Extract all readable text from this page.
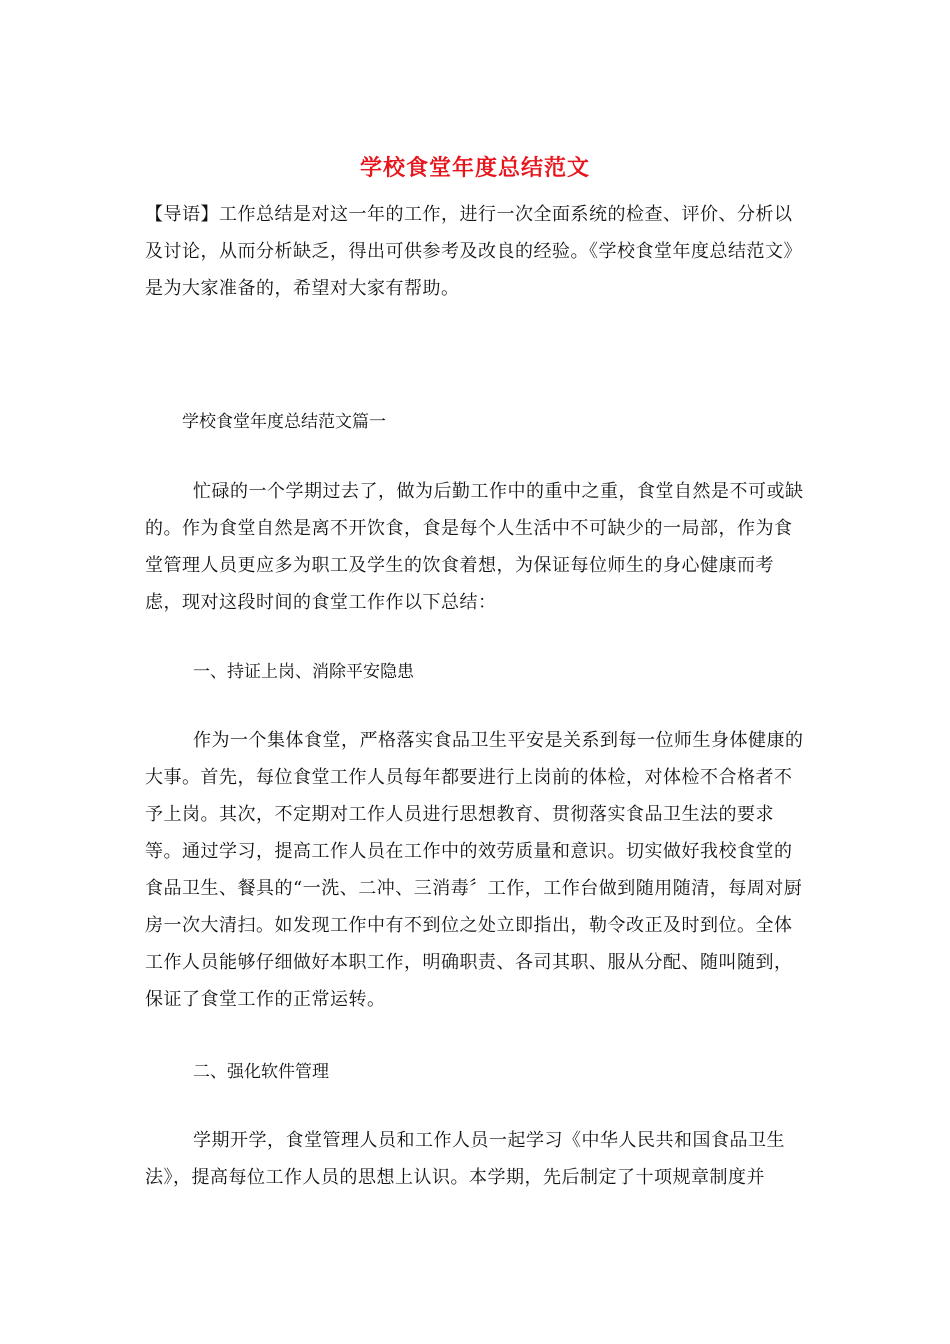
学校食堂年度总结范文
【导语】工作总结是对这一年的工作，进行一次全面系统的检查、评价、分析以及讨论，从而分析缺乏，得出可供参考及改良的经验。《学校食堂年度总结范文》是为大家准备的，希望对大家有帮助。
学校食堂年度总结范文篇一
忙碌的一个学期过去了，做为后勤工作中的重中之重，食堂自然是不可或缺的。作为食堂自然是离不开饮食，食是每个人生活中不可缺少的一局部，作为食堂管理人员更应多为职工及学生的饮食着想，为保证每位师生的身心健康而考虑，现对这段时间的食堂工作作以下总结：
一、持证上岗、消除平安隐患
作为一个集体食堂，严格落实食品卫生平安是关系到每一位师生身体健康的大事。首先，每位食堂工作人员每年都要进行上岗前的体检，对体检不合格者不予上岗。其次，不定期对工作人员进行思想教育、贯彻落实食品卫生法的要求等。通过学习，提高工作人员在工作中的效劳质量和意识。切实做好我校食堂的食品卫生、餐具的“一洗、二冲、三消毒〞工作，工作台做到随用随清，每周对厨房一次大清扫。如发现工作中有不到位之处立即指出，勒令改正及时到位。全体工作人员能够仔细做好本职工作，明确职责、各司其职、服从分配、随叫随到，保证了食堂工作的正常运转。
二、强化软件管理
学期开学，食堂管理人员和工作人员一起学习《中华人民共和国食品卫生法》，提高每位工作人员的思想上认识。本学期，先后制定了十项规章制度并
